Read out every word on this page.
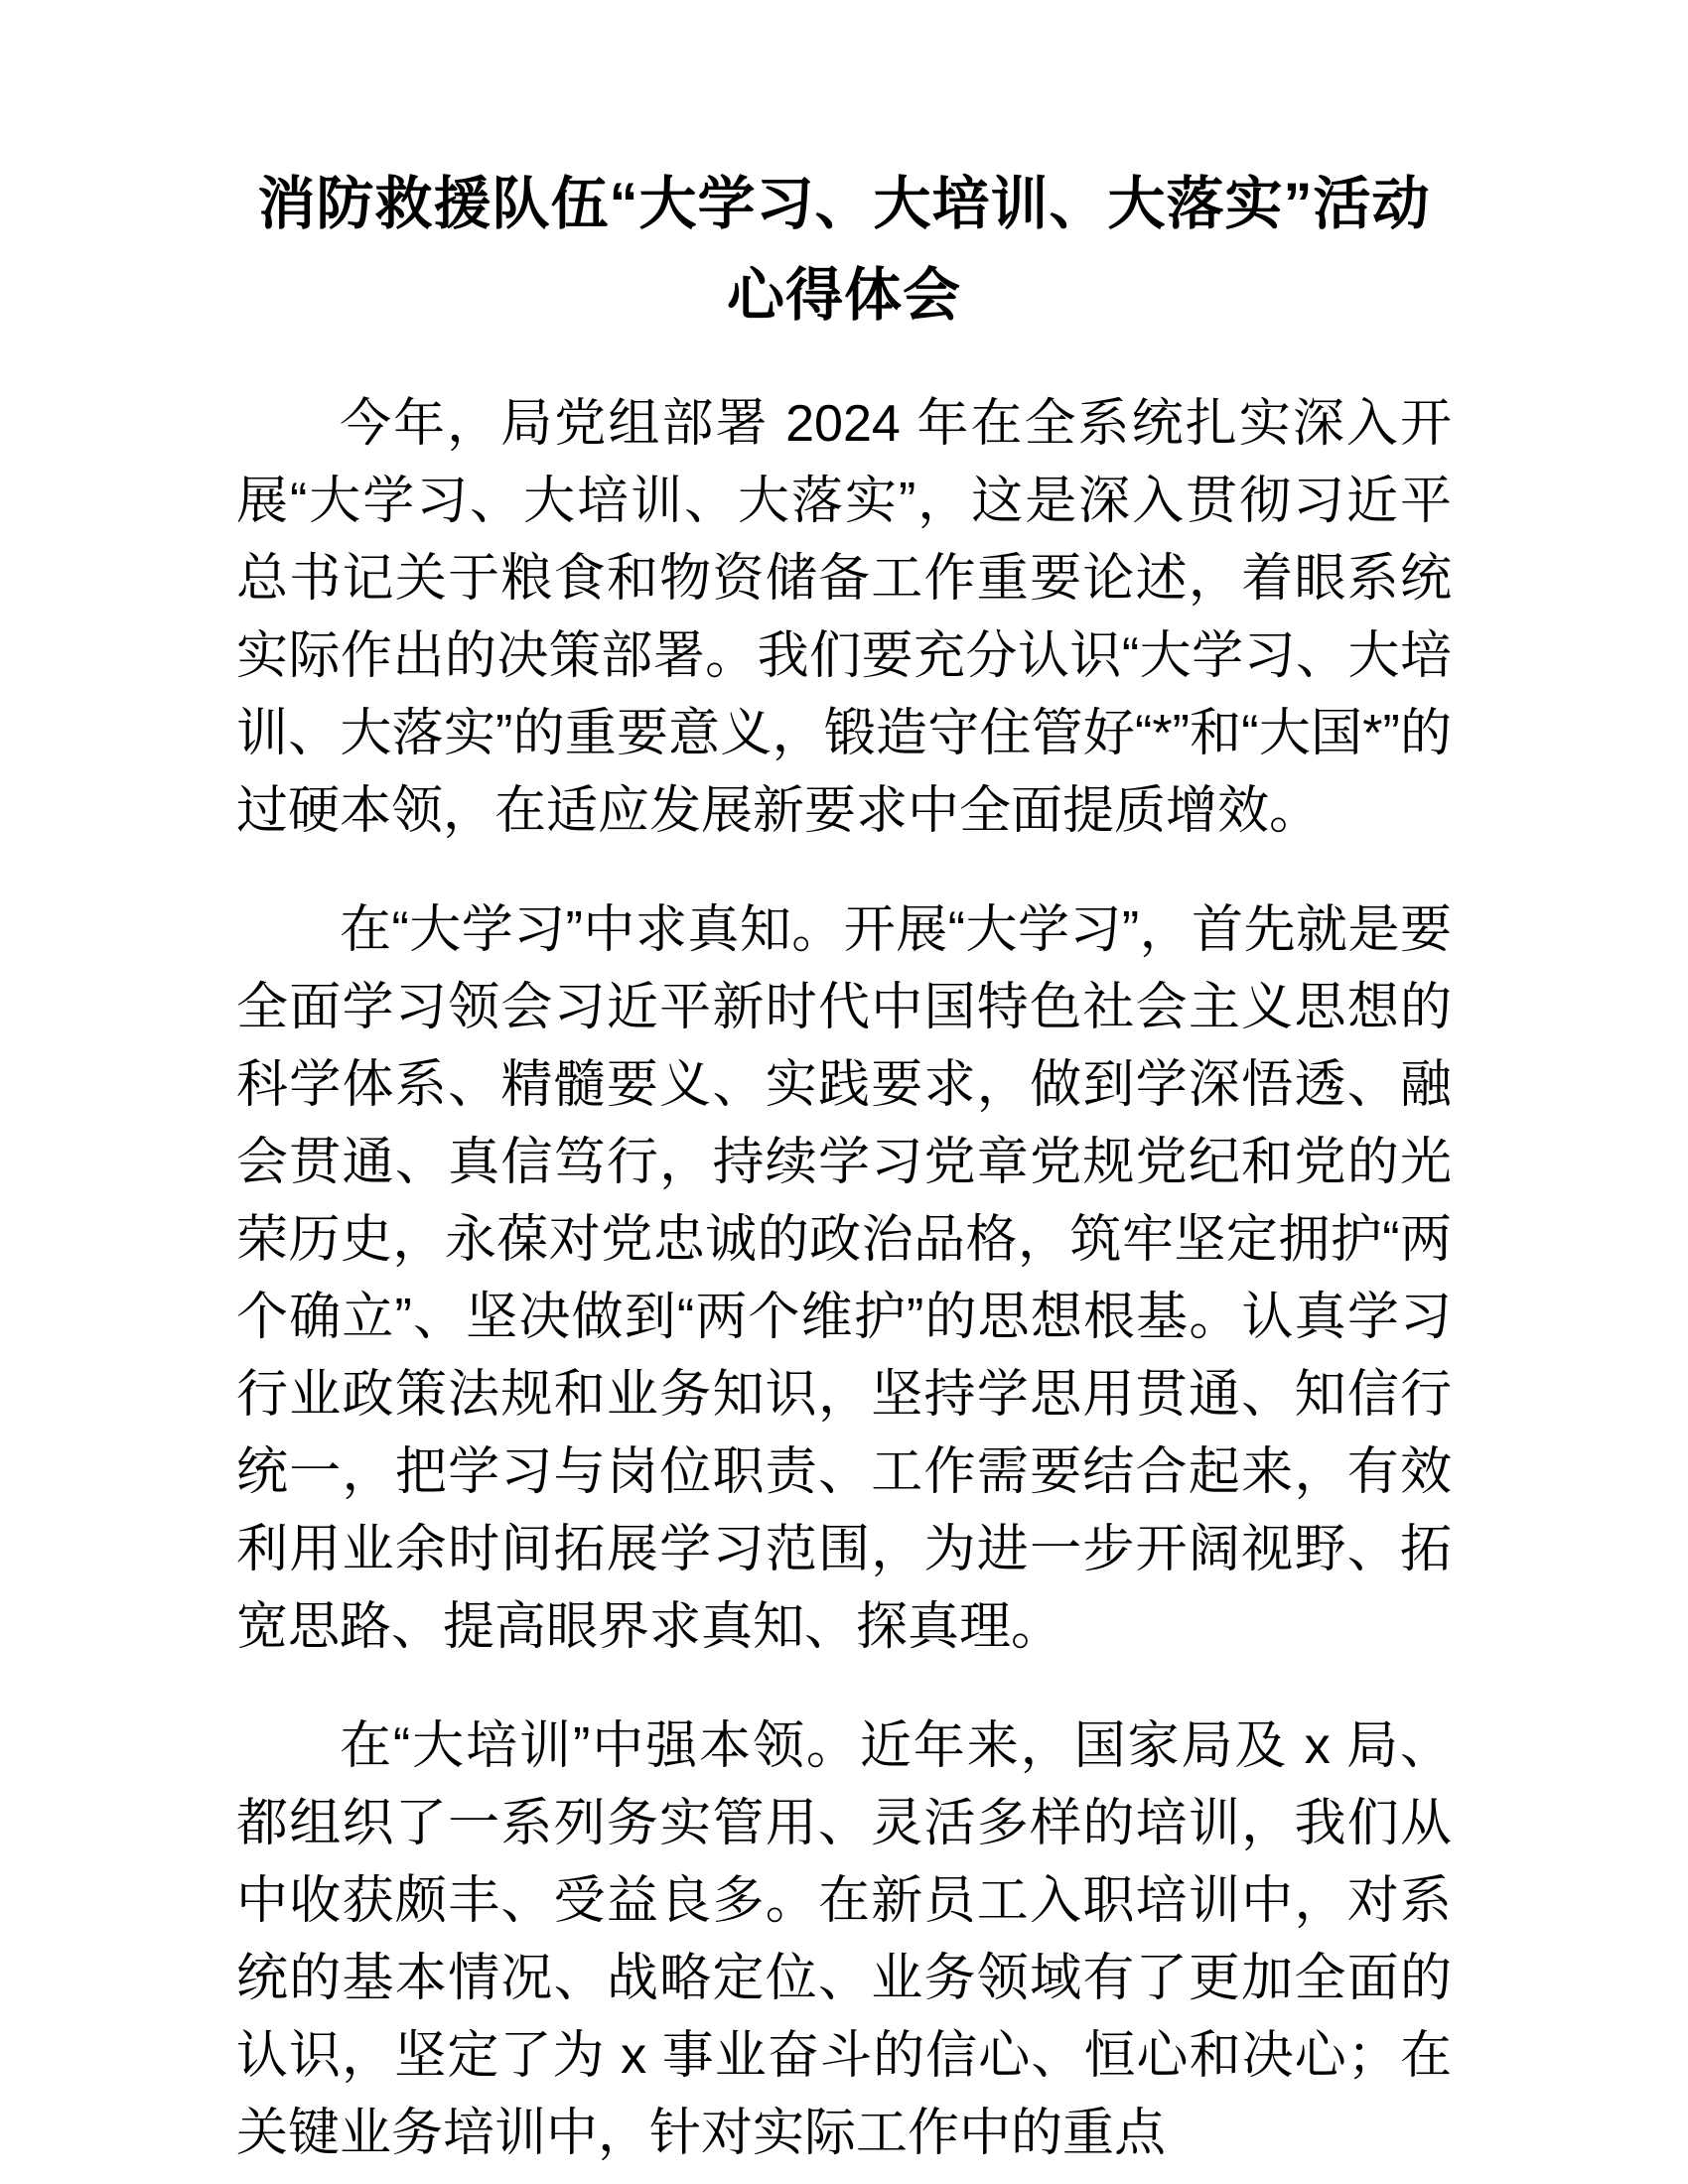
消防救援队伍“大学习、大培训、大落实”活动心得体会

今年，局党组部署 2024 年在全系统扎实深入开展“大学习、大培训、大落实”，这是深入贯彻习近平总书记关于粮食和物资储备工作重要论述，着眼系统实际作出的决策部署。我们要充分认识“大学习、大培训、大落实”的重要意义，锻造守住管好“*”和“大国*”的过硬本领，在适应发展新要求中全面提质增效。

在“大学习”中求真知。开展“大学习”，首先就是要全面学习领会习近平新时代中国特色社会主义思想的科学体系、精髓要义、实践要求，做到学深悟透、融会贯通、真信笃行，持续学习党章党规党纪和党的光荣历史，永葆对党忠诚的政治品格，筑牢坚定拥护“两个确立”、坚决做到“两个维护”的思想根基。认真学习行业政策法规和业务知识，坚持学思用贯通、知信行统一，把学习与岗位职责、工作需要结合起来，有效利用业余时间拓展学习范围，为进一步开阔视野、拓宽思路、提高眼界求真知、探真理。

在“大培训”中强本领。近年来，国家局及 x 局、 都组织了一系列务实管用、灵活多样的培训，我们从中收获颇丰、受益良多。在新员工入职培训中，对系统的基本情况、战略定位、业务领域有了更加全面的认识，坚定了为 x 事业奋斗的信心、恒心和决心；在关键业务培训中，针对实际工作中的重点
